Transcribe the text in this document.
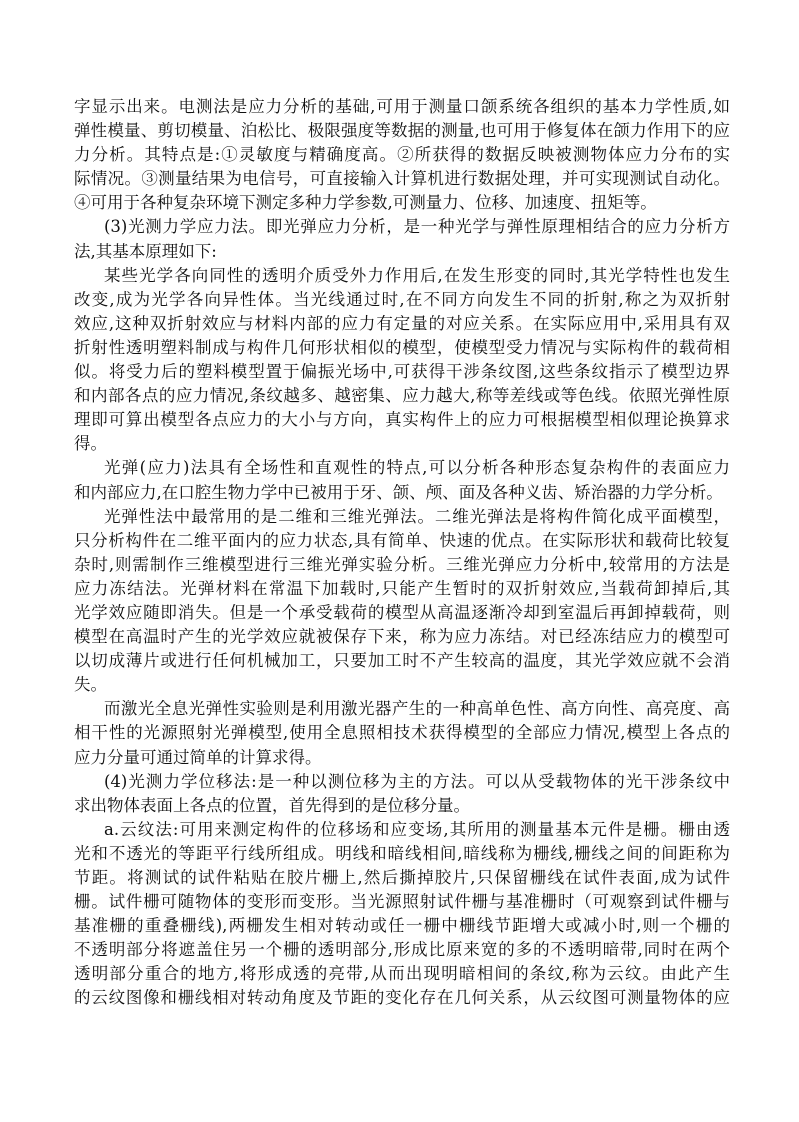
字显示出来。电测法是应力分析的基础,可用于测量口颌系统各组织的基本力学性质,如
弹性模量、剪切模量、泊松比、极限强度等数据的测量,也可用于修复体在颌力作用下的应
力分析。其特点是:①灵敏度与精确度高。②所获得的数据反映被测物体应力分布的实
际情况。③测量结果为电信号，可直接输入计算机进行数据处理，并可实现测试自动化。
④可用于各种复杂环境下测定多种力学参数,可测量力、位移、加速度、扭矩等。
(3)光测力学应力法。即光弹应力分析，是一种光学与弹性原理相结合的应力分析方
法,其基本原理如下:
某些光学各向同性的透明介质受外力作用后,在发生形变的同时,其光学特性也发生
改变,成为光学各向异性体。当光线通过时,在不同方向发生不同的折射,称之为双折射
效应,这种双折射效应与材料内部的应力有定量的对应关系。在实际应用中,采用具有双
折射性透明塑料制成与构件几何形状相似的模型，使模型受力情况与实际构件的载荷相
似。将受力后的塑料模型置于偏振光场中,可获得干涉条纹图,这些条纹指示了模型边界
和内部各点的应力情况,条纹越多、越密集、应力越大,称等差线或等色线。依照光弹性原
理即可算出模型各点应力的大小与方向，真实构件上的应力可根据模型相似理论换算求
得。
光弹(应力)法具有全场性和直观性的特点,可以分析各种形态复杂构件的表面应力
和内部应力,在口腔生物力学中已被用于牙、颌、颅、面及各种义齿、矫治器的力学分析。
光弹性法中最常用的是二维和三维光弹法。二维光弹法是将构件简化成平面模型，
只分析构件在二维平面内的应力状态,具有简单、快速的优点。在实际形状和载荷比较复
杂时,则需制作三维模型进行三维光弹实验分析。三维光弹应力分析中,较常用的方法是
应力冻结法。光弹材料在常温下加载时,只能产生暂时的双折射效应,当载荷卸掉后,其
光学效应随即消失。但是一个承受载荷的模型从高温逐渐冷却到室温后再卸掉载荷，则
模型在高温时产生的光学效应就被保存下来，称为应力冻结。对已经冻结应力的模型可
以切成薄片或进行任何机械加工，只要加工时不产生较高的温度，其光学效应就不会消
失。
而激光全息光弹性实验则是利用激光器产生的一种高单色性、高方向性、高亮度、高
相干性的光源照射光弹模型,使用全息照相技术获得模型的全部应力情况,模型上各点的
应力分量可通过简单的计算求得。
(4)光测力学位移法:是一种以测位移为主的方法。可以从受载物体的光干涉条纹中
求出物体表面上各点的位置，首先得到的是位移分量。
a.云纹法:可用来测定构件的位移场和应变场,其所用的测量基本元件是栅。栅由透
光和不透光的等距平行线所组成。明线和暗线相间,暗线称为栅线,栅线之间的间距称为
节距。将测试的试件粘贴在胶片栅上,然后撕掉胶片,只保留栅线在试件表面,成为试件
栅。试件栅可随物体的变形而变形。当光源照射试件栅与基准栅时（可观察到试件栅与
基准栅的重叠栅线),两栅发生相对转动或任一栅中栅线节距增大或减小时,则一个栅的
不透明部分将遮盖住另一个栅的透明部分,形成比原来宽的多的不透明暗带,同时在两个
透明部分重合的地方,将形成透的亮带,从而出现明暗相间的条纹,称为云纹。由此产生
的云纹图像和栅线相对转动角度及节距的变化存在几何关系，从云纹图可测量物体的应
